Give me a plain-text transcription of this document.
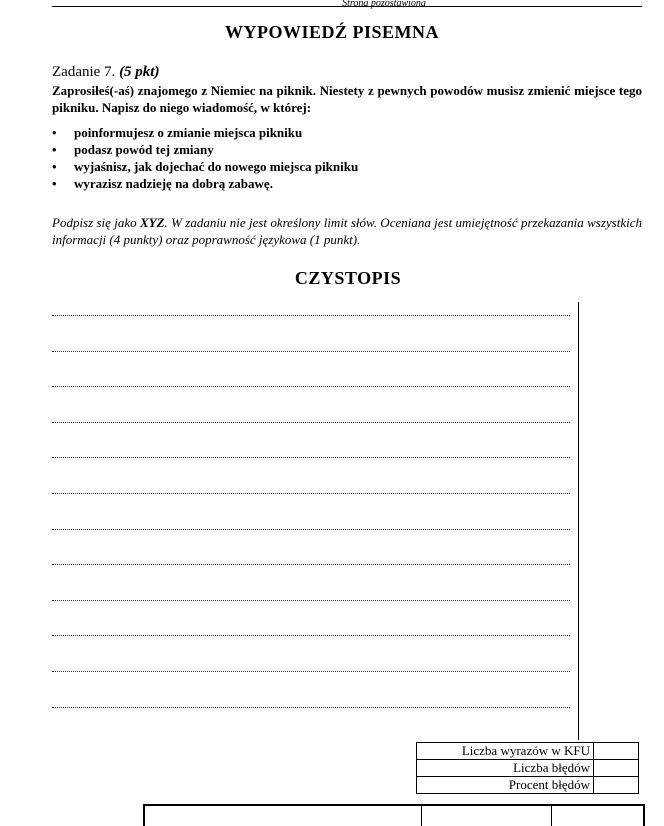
Strona pozostawiona
WYPOWIEDŹ PISEMNA
Zadanie 7. (5 pkt)
Zaprosiłeś(-aś) znajomego z Niemiec na piknik. Niestety z pewnych powodów musisz zmienić miejsce tego pikniku. Napisz do niego wiadomość, w której:
• poinformujesz o zmianie miejsca pikniku
• podasz powód tej zmiany
• wyjaśnisz, jak dojechać do nowego miejsca pikniku
• wyrazisz nadzieję na dobrą zabawę.
Podpisz się jako XYZ. W zadaniu nie jest określony limit słów. Oceniana jest umiejętność przekazania wszystkich informacji (4 punkty) oraz poprawność językowa (1 punkt).
CZYSTOPIS
Liczba wyrazów w KFU	
Liczba błędów	
Procent błędów	
